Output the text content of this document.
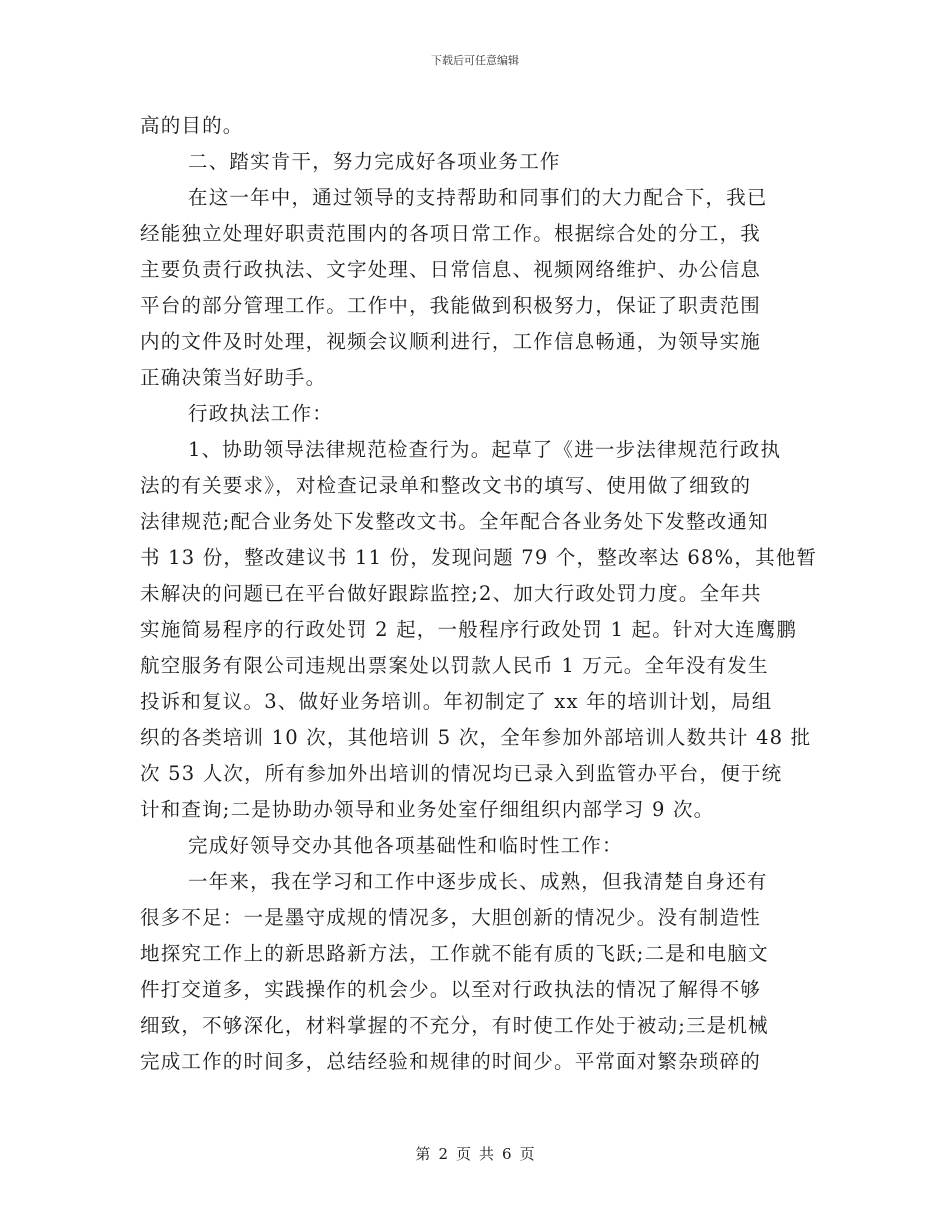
下载后可任意编辑
高的目的。
二、踏实肯干，努力完成好各项业务工作
在这一年中，通过领导的支持帮助和同事们的大力配合下，我已
经能独立处理好职责范围内的各项日常工作。根据综合处的分工，我
主要负责行政执法、文字处理、日常信息、视频网络维护、办公信息
平台的部分管理工作。工作中，我能做到积极努力，保证了职责范围
内的文件及时处理，视频会议顺利进行，工作信息畅通，为领导实施
正确决策当好助手。
行政执法工作：
1、协助领导法律规范检查行为。起草了《进一步法律规范行政执
法的有关要求》，对检查记录单和整改文书的填写、使用做了细致的
法律规范;配合业务处下发整改文书。全年配合各业务处下发整改通知
书 13 份，整改建议书 11 份，发现问题 79 个，整改率达 68%，其他暂
未解决的问题已在平台做好跟踪监控;2、加大行政处罚力度。全年共
实施简易程序的行政处罚 2 起，一般程序行政处罚 1 起。针对大连鹰鹏
航空服务有限公司违规出票案处以罚款人民币 1 万元。全年没有发生
投诉和复议。3、做好业务培训。年初制定了 xx 年的培训计划，局组
织的各类培训 10 次，其他培训 5 次，全年参加外部培训人数共计 48 批
次 53 人次，所有参加外出培训的情况均已录入到监管办平台，便于统
计和查询;二是协助办领导和业务处室仔细组织内部学习 9 次。
完成好领导交办其他各项基础性和临时性工作：
一年来，我在学习和工作中逐步成长、成熟，但我清楚自身还有
很多不足：一是墨守成规的情况多，大胆创新的情况少。没有制造性
地探究工作上的新思路新方法，工作就不能有质的飞跃;二是和电脑文
件打交道多，实践操作的机会少。以至对行政执法的情况了解得不够
细致，不够深化，材料掌握的不充分，有时使工作处于被动;三是机械
完成工作的时间多，总结经验和规律的时间少。平常面对繁杂琐碎的
第 2 页 共 6 页
